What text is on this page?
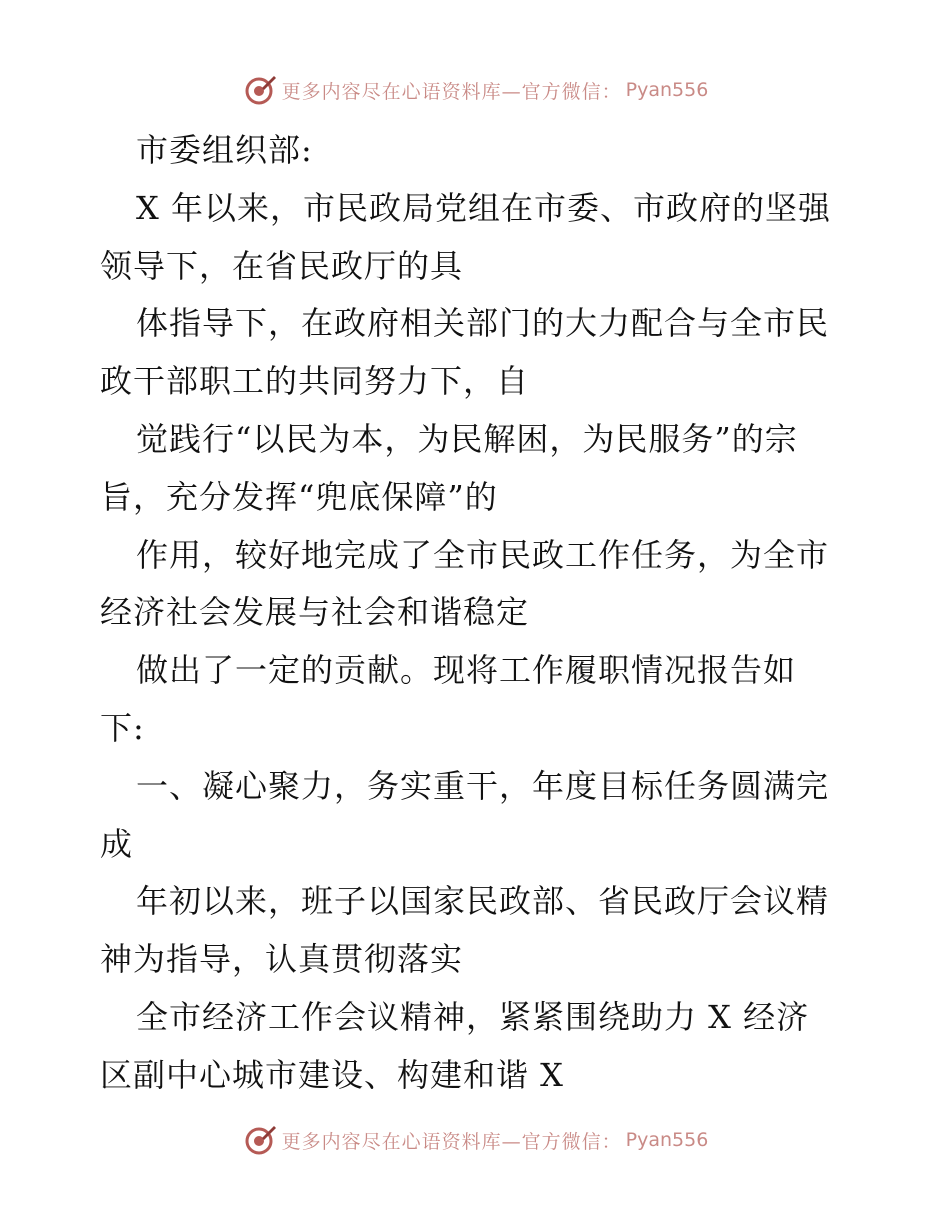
更多内容尽在心语资料库—官方微信： Pyan556
市委组织部:
X 年以来，市民政局党组在市委、市政府的坚强
领导下，在省民政厅的具
体指导下，在政府相关部门的大力配合与全市民
政干部职工的共同努力下，自
觉践行“以民为本，为民解困，为民服务”的宗
旨，充分发挥“兜底保障”的
作用，较好地完成了全市民政工作任务，为全市
经济社会发展与社会和谐稳定
做出了一定的贡献。现将工作履职情况报告如
下:
一、凝心聚力，务实重干，年度目标任务圆满完
成
年初以来，班子以国家民政部、省民政厅会议精
神为指导，认真贯彻落实
全市经济工作会议精神，紧紧围绕助力 X 经济
区副中心城市建设、构建和谐 X
更多内容尽在心语资料库—官方微信： Pyan556
